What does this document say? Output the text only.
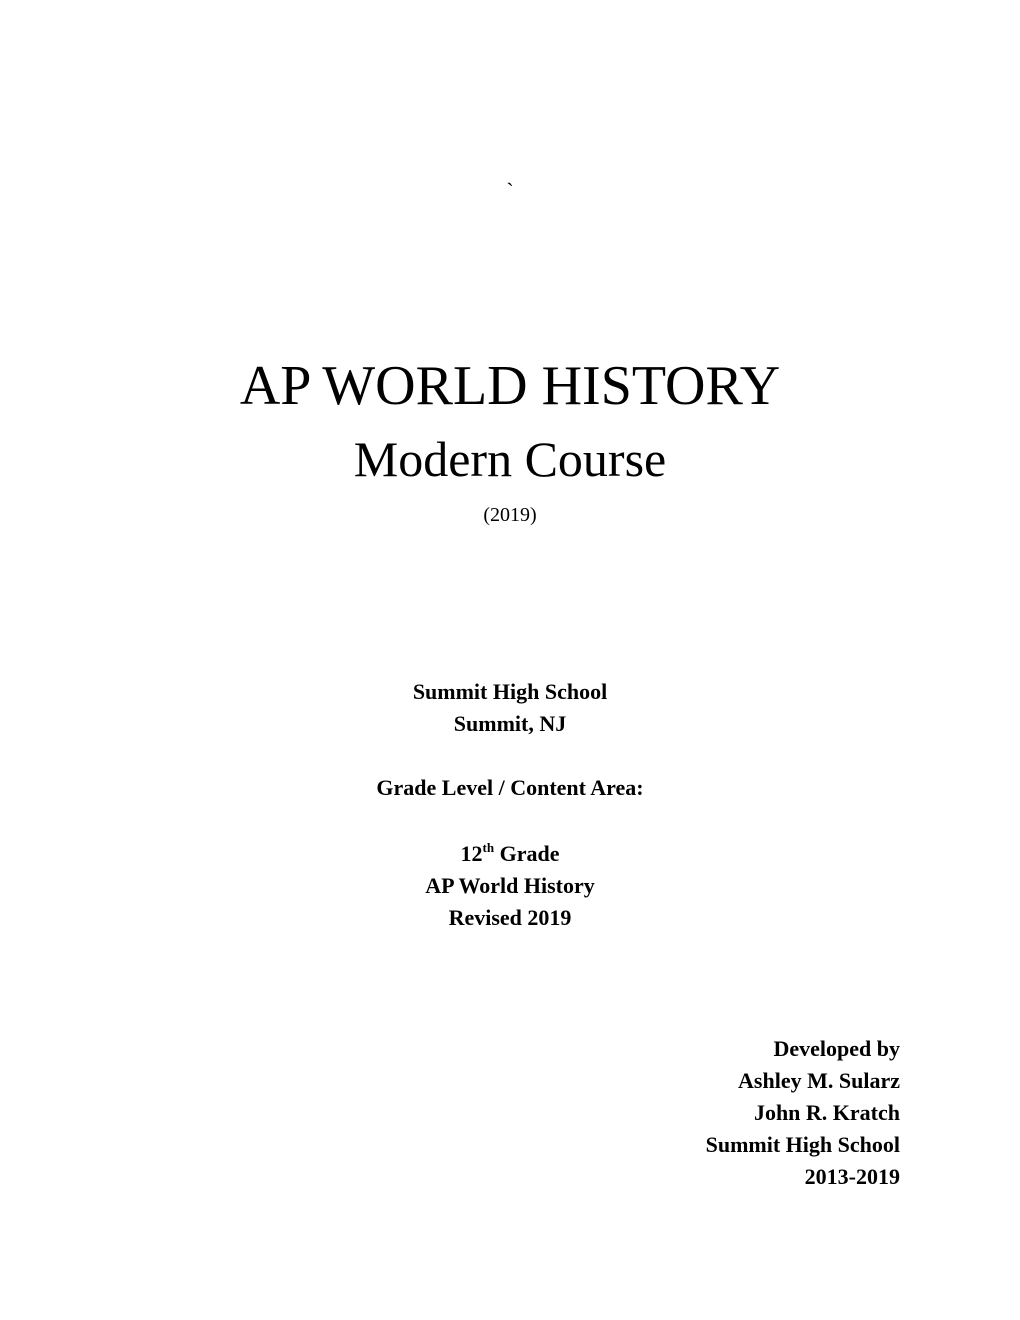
`
AP WORLD HISTORY
Modern Course
(2019)
Summit High School
Summit, NJ
Grade Level / Content Area:
12th Grade
AP World History
Revised 2019
Developed by
Ashley M. Sularz
John R. Kratch
Summit High School
2013-2019
